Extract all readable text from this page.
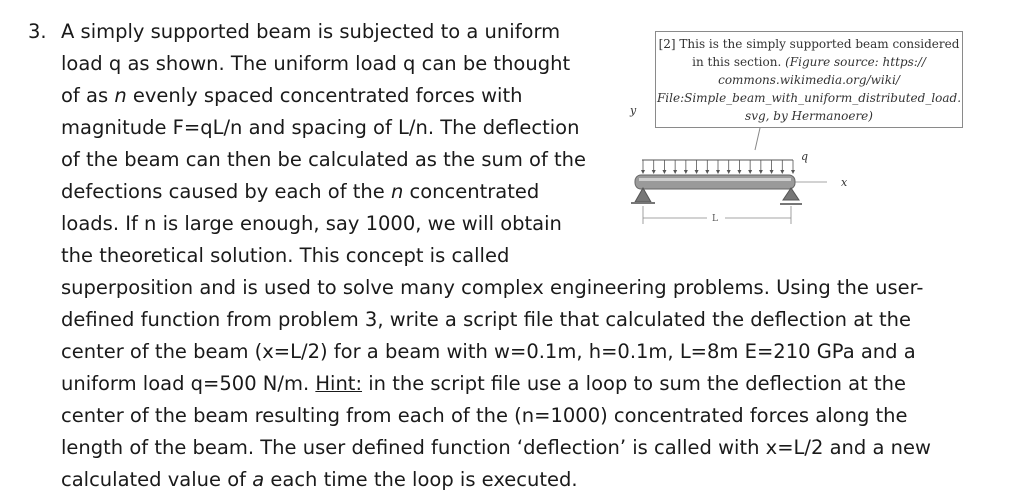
3. A simply supported beam is subjected to a uniform
load q as shown. The uniform load q can be thought
of as n evenly spaced concentrated forces with
magnitude F=qL/n and spacing of L/n. The deflection
of the beam can then be calculated as the sum of the
defections caused by each of the n concentrated
loads. If n is large enough, say 1000, we will obtain
the theoretical solution. This concept is called
superposition and is used to solve many complex engineering problems. Using the user-
defined function from problem 3, write a script file that calculated the deflection at the
center of the beam (x=L/2) for a beam with w=0.1m, h=0.1m, L=8m E=210 GPa and a
uniform load q=500 N/m. Hint: in the script file use a loop to sum the deflection at the
center of the beam resulting from each of the (n=1000) concentrated forces along the
length of the beam. The user defined function ‘deflection’ is called with x=L/2 and a new
calculated value of a each time the loop is executed.
[2] This is the simply supported beam considered
in this section. (Figure source: https://
commons.wikimedia.org/wiki/
File:Simple_beam_with_uniform_distributed_load.
svg, by Hermanoere)
y
q
x
L
